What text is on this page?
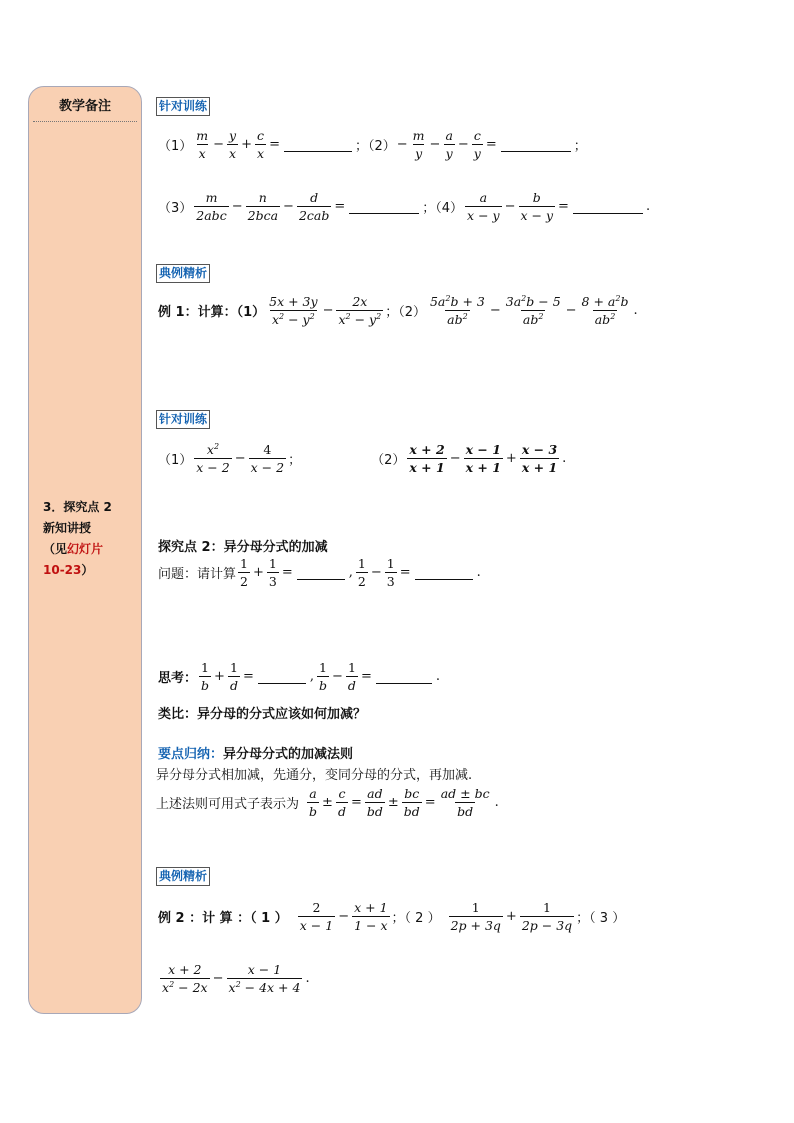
教学备注
3．探究点 2
新知讲授
（见幻灯片
10-23）
针对训练
$(1) \frac{m}{x} - \frac{y}{x} + \frac{c}{x}$ =	；$(2) - \frac{m}{y} - \frac{a}{y} - \frac{c}{y}$ =	；
$(3) \frac{m}{\text{2abc}} - \frac{n}{\text{2bca}} - \frac{d}{\text{2cab}}$ =	；$(4) \frac{a}{x - y} - \frac{b}{x - y}$ =	.
典例精析
例 1：计算：$(1) \frac{5x + 3y}{x^2 - y^2} - \frac{2x}{x^2 - y^2}$ ；$(2) \frac{5a^2b + 3}{ab^2} - \frac{3a^2b - 5}{ab^2} - \frac{8 + a^2b}{ab^2}$ .
针对训练
$(1) \frac{x^2}{x - 2} - \frac{4}{x - 2}$ ；	$(2) \frac{x + 2}{x + 1} - \frac{x - 1}{x + 1} + \frac{x - 3}{x + 1}$ .
探究点 2：异分母分式的加减
问题：请计算 $\frac{1}{2} + \frac{1}{3}$ =	, $\frac{1}{2} - \frac{1}{3}$ =	.
思考： $\frac{1}{b} + \frac{1}{d}$ =	, $\frac{1}{b} - \frac{1}{d}$ =	.
类比：异分母的分式应该如何加减？
要点归纳：异分母分式的加减法则
异分母分式相加减，先通分，变同分母的分式，再加减.
上述法则可用式子表示为 $\frac{a}{b} \pm \frac{c}{d} = \frac{ad}{bd} \pm \frac{bc}{bd} = \frac{ad \pm bc}{bd}$ .
典例精析
例 2 ：计 算 ：（ 1 ） $\frac{2}{x - 1} - \frac{x + 1}{1 - x}$ ；（ 2 ） $\frac{1}{2p + 3q} + \frac{1}{2p - 3q}$ ；（ 3 ）
$\frac{x + 2}{x^2 - 2x} - \frac{x - 1}{x^2 - 4x + 4}$ .
